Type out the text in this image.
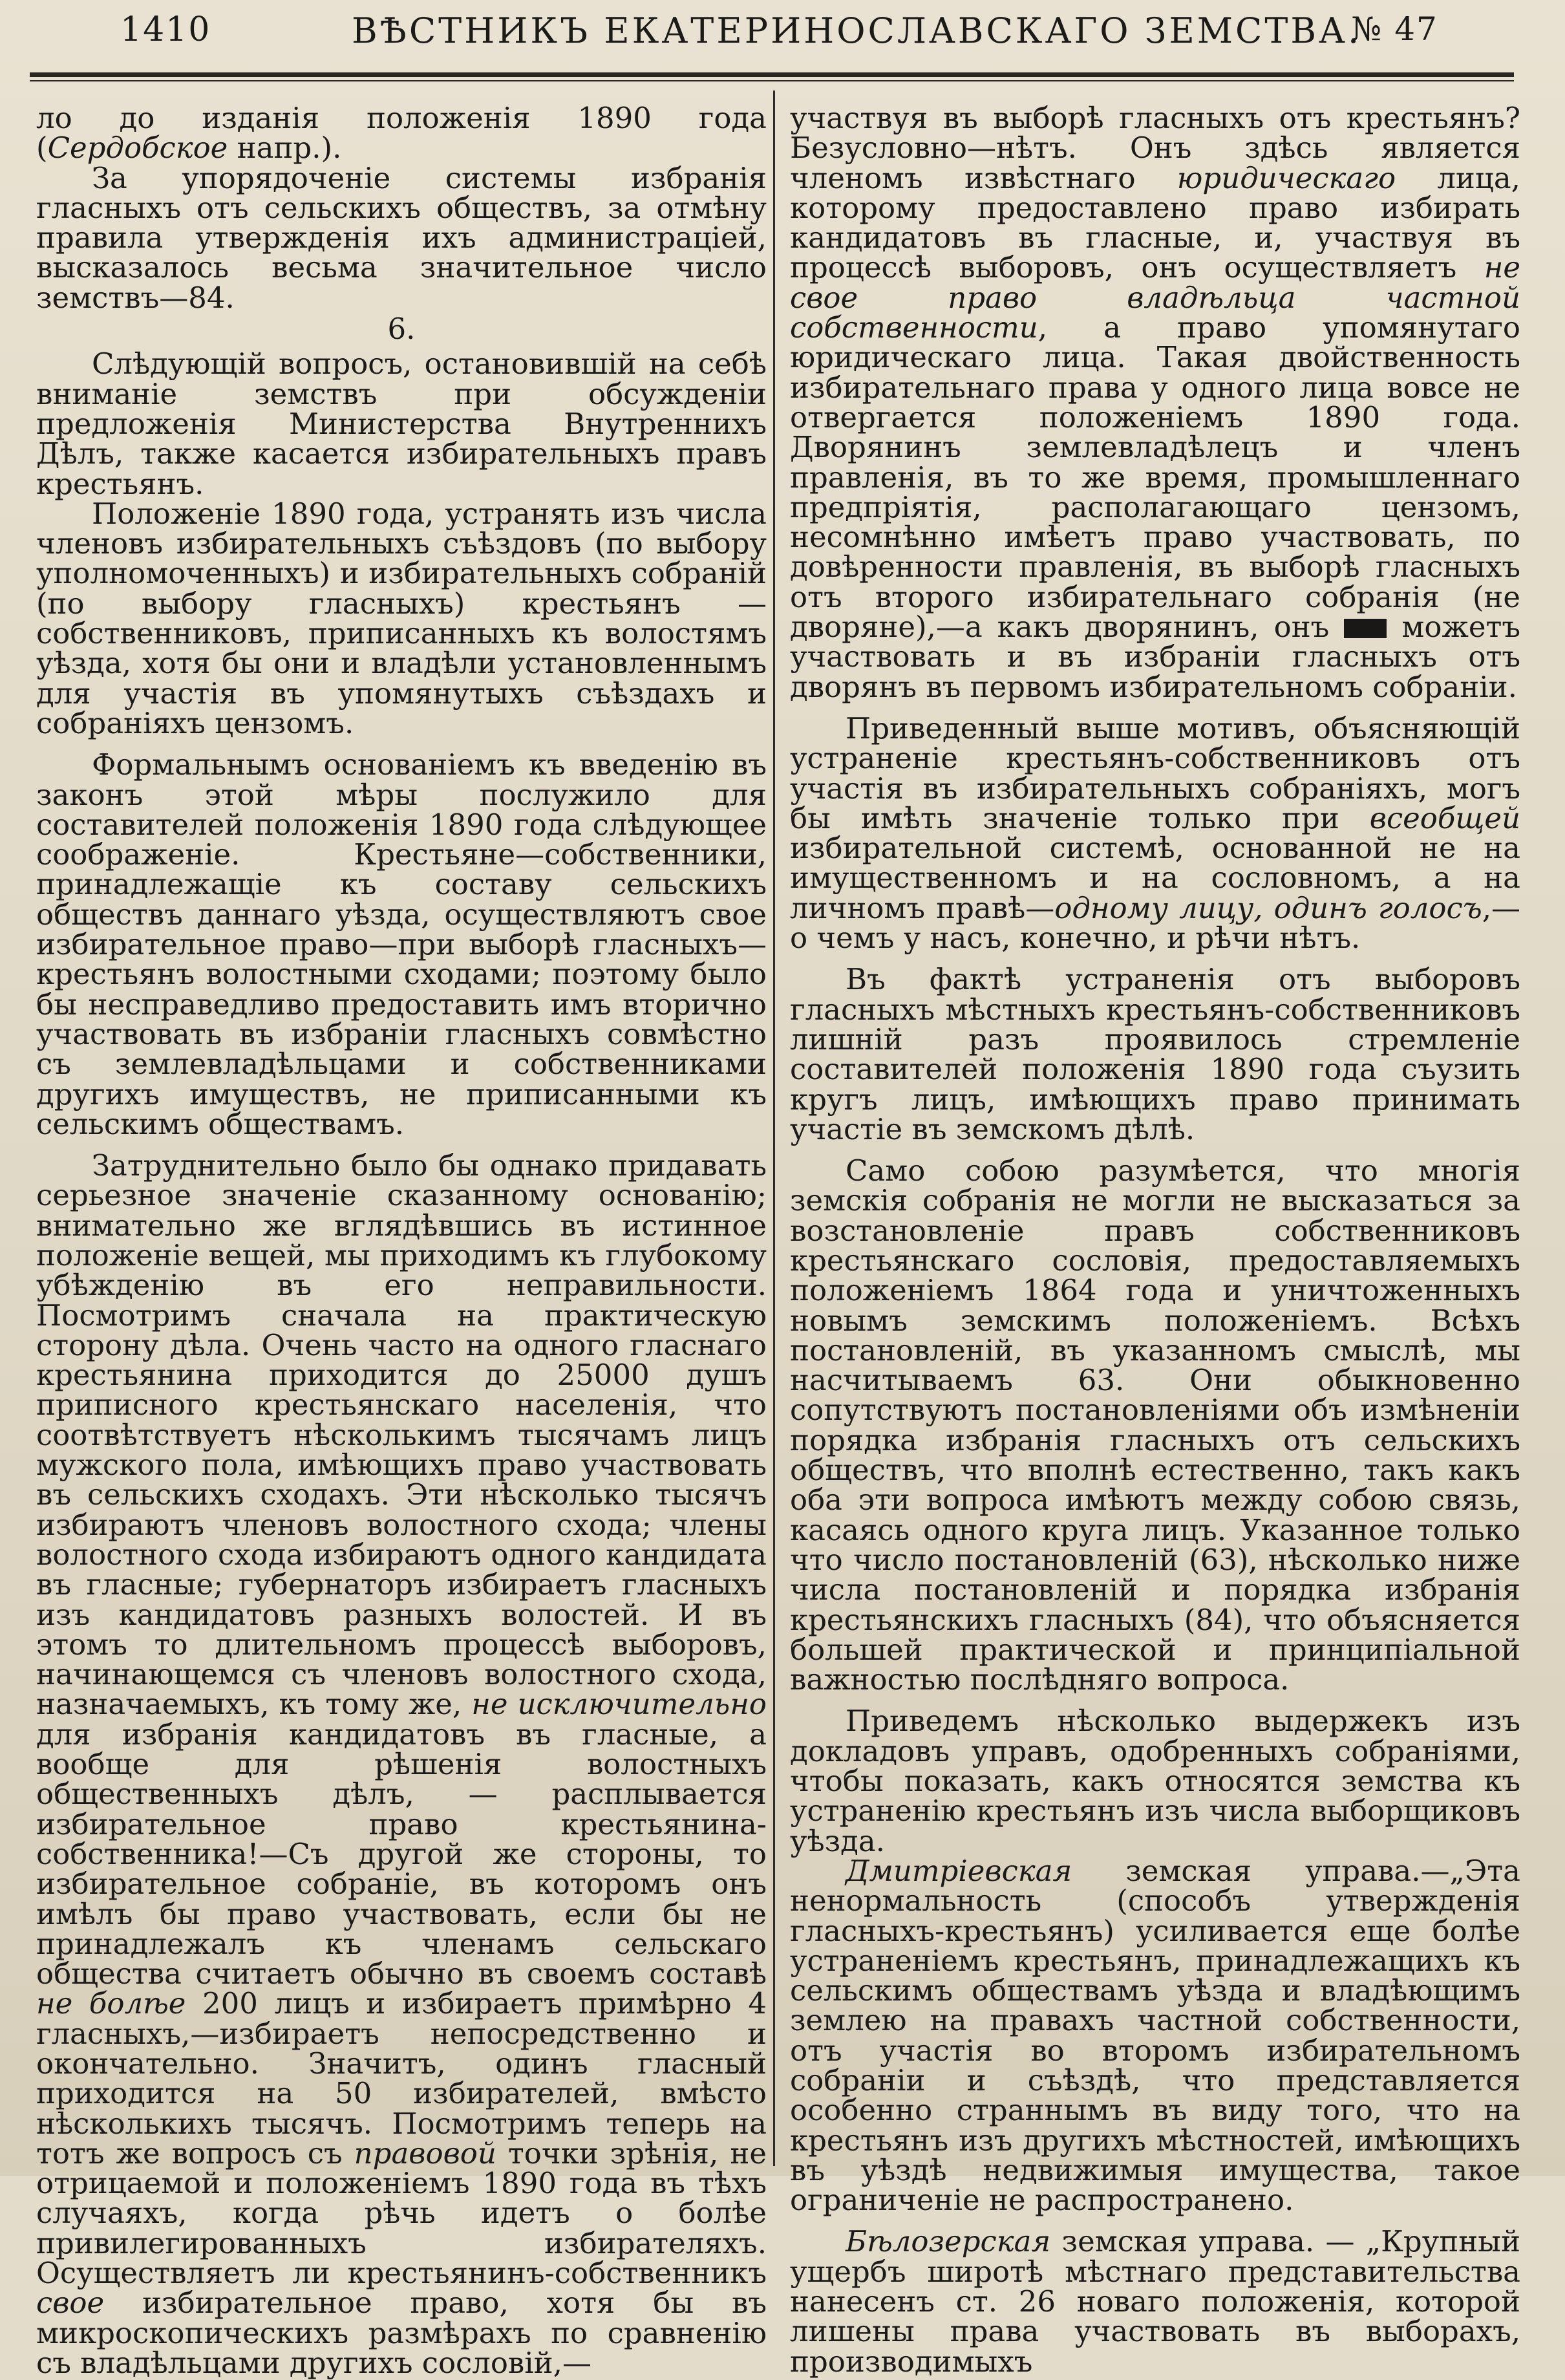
1410	ВѢСТНИКЪ ЕКАТЕРИНОСЛАВСКАГО ЗЕМСТВА.
№ 47

ло до изданія положенія 1890 года (Сердобское напр.).

За упорядоченіе системы избранія гласныхъ отъ сельскихъ обществъ, за отмѣну правила утвержденія ихъ администраціей, высказалось весьма значительное число земствъ—84.

6.

Слѣдующій вопросъ, остановившій на себѣ вниманіе земствъ при обсужденіи предложенія Министерства Внутреннихъ Дѣлъ, также касается избирательныхъ правъ крестьянъ.

Положеніе 1890 года, устранять изъ числа членовъ избирательныхъ съѣздовъ (по выбору уполномоченныхъ) и избирательныхъ собраній (по выбору гласныхъ) крестьянъ — собственниковъ, приписанныхъ къ волостямъ уѣзда, хотя бы они и владѣли установленнымъ для участія въ упомянутыхъ съѣздахъ и собраніяхъ цензомъ.

Формальнымъ основаніемъ къ введенію въ законъ этой мѣры послужило для составителей положенія 1890 года слѣдующее соображеніе. Крестьяне—собственники, принадлежащіе къ составу сельскихъ обществъ даннаго уѣзда, осуществляютъ свое избирательное право—при выборѣ гласныхъ—крестьянъ волостными сходами; поэтому было бы несправедливо предоставить имъ вторично участвовать въ избраніи гласныхъ совмѣстно съ землевладѣльцами и собственниками другихъ имуществъ, не приписанными къ сельскимъ обществамъ.

Затруднительно было бы однако придавать серьезное значеніе сказанному основанію; внимательно же вглядѣвшись въ истинное положеніе вещей, мы приходимъ къ глубокому убѣжденію въ его неправильности. Посмотримъ сначала на практическую сторону дѣла. Очень часто на одного гласнаго крестьянина приходится до 25000 душъ приписного крестьянскаго населенія, что соотвѣтствуетъ нѣсколькимъ тысячамъ лицъ мужского пола, имѣющихъ право участвовать въ сельскихъ сходахъ. Эти нѣсколько тысячъ избираютъ членовъ волостного схода; члены волостного схода избираютъ одного кандидата въ гласные; губернаторъ избираетъ гласныхъ изъ кандидатовъ разныхъ волостей. И въ этомъ то длительномъ процессѣ выборовъ, начинающемся съ членовъ волостного схода, назначаемыхъ, къ тому же, не исключительно для избранія кандидатовъ въ гласные, а вообще для рѣшенія волостныхъ общественныхъ дѣлъ, — расплывается избирательное право крестьянина-собственника!—Съ другой же стороны, то избирательное собраніе, въ которомъ онъ имѣлъ бы право участвовать, если бы не принадлежалъ къ членамъ сельскаго общества считаетъ обычно въ своемъ составѣ не болѣе 200 лицъ и избираетъ примѣрно 4 гласныхъ,—избираетъ непосредственно и окончательно. Значитъ, одинъ гласный приходится на 50 избирателей, вмѣсто нѣсколькихъ тысячъ. Посмотримъ теперь на тотъ же вопросъ съ правовой точки зрѣнія, не отрицаемой и положеніемъ 1890 года въ тѣхъ случаяхъ, когда рѣчь идетъ о болѣе привилегированныхъ избирателяхъ. Осуществляетъ ли крестьянинъ-собственникъ свое избирательное право, хотя бы въ микроскопическихъ размѣрахъ по сравненію съ владѣльцами другихъ сословій,—

участвуя въ выборѣ гласныхъ отъ крестьянъ? Безусловно—нѣтъ. Онъ здѣсь является членомъ извѣстнаго юридическаго лица, которому предоставлено право избирать кандидатовъ въ гласные, и, участвуя въ процессѣ выборовъ, онъ осуществляетъ не свое право владѣльца частной собственности, а право упомянутаго юридическаго лица. Такая двойственность избирательнаго права у одного лица вовсе не отвергается положеніемъ 1890 года. Дворянинъ землевладѣлецъ и членъ правленія, въ то же время, промышленнаго предпріятія, располагающаго цензомъ, несомнѣнно имѣетъ право участвовать, по довѣренности правленія, въ выборѣ гласныхъ отъ второго избирательнаго собранія (не дворяне),—а какъ дворянинъ, онъ можетъ участвовать и въ избраніи гласныхъ отъ дворянъ въ первомъ избирательномъ собраніи.

Приведенный выше мотивъ, объясняющій устраненіе крестьянъ-собственниковъ отъ участія въ избирательныхъ собраніяхъ, могъ бы имѣть значеніе только при всеобщей избирательной системѣ, основанной не на имущественномъ и на сословномъ, а на личномъ правѣ—одному лицу, одинъ голосъ,—о чемъ у насъ, конечно, и рѣчи нѣтъ.

Въ фактѣ устраненія отъ выборовъ гласныхъ мѣстныхъ крестьянъ-собственниковъ лишній разъ проявилось стремленіе составителей положенія 1890 года съузить кругъ лицъ, имѣющихъ право принимать участіе въ земскомъ дѣлѣ.

Само собою разумѣется, что многія земскія собранія не могли не высказаться за возстановленіе правъ собственниковъ крестьянскаго сословія, предоставляемыхъ положеніемъ 1864 года и уничтоженныхъ новымъ земскимъ положеніемъ. Всѣхъ постановленій, въ указанномъ смыслѣ, мы насчитываемъ 63. Они обыкновенно сопутствуютъ постановленіями объ измѣненіи порядка избранія гласныхъ отъ сельскихъ обществъ, что вполнѣ естественно, такъ какъ оба эти вопроса имѣютъ между собою связь, касаясь одного круга лицъ. Указанное только что число постановленій (63), нѣсколько ниже числа постановленій и порядка избранія крестьянскихъ гласныхъ (84), что объясняется большей практической и принципіальной важностью послѣдняго вопроса.

Приведемъ нѣсколько выдержекъ изъ докладовъ управъ, одобренныхъ собраніями, чтобы показать, какъ относятся земства къ устраненію крестьянъ изъ числа выборщиковъ уѣзда.

Дмитріевская земская управа.—„Эта ненормальность (способъ утвержденія гласныхъ-крестьянъ) усиливается еще болѣе устраненіемъ крестьянъ, принадлежащихъ къ сельскимъ обществамъ уѣзда и владѣющимъ землею на правахъ частной собственности, отъ участія во второмъ избирательномъ собраніи и съѣздѣ, что представляется особенно страннымъ въ виду того, что на крестьянъ изъ другихъ мѣстностей, имѣющихъ въ уѣздѣ недвижимыя имущества, такое ограниченіе не распространено.

Бѣлозерская земская управа. — „Крупный ущербъ широтѣ мѣстнаго представительства нанесенъ ст. 26 новаго положенія, которой лишены права участвовать въ выборахъ, производимыхъ
